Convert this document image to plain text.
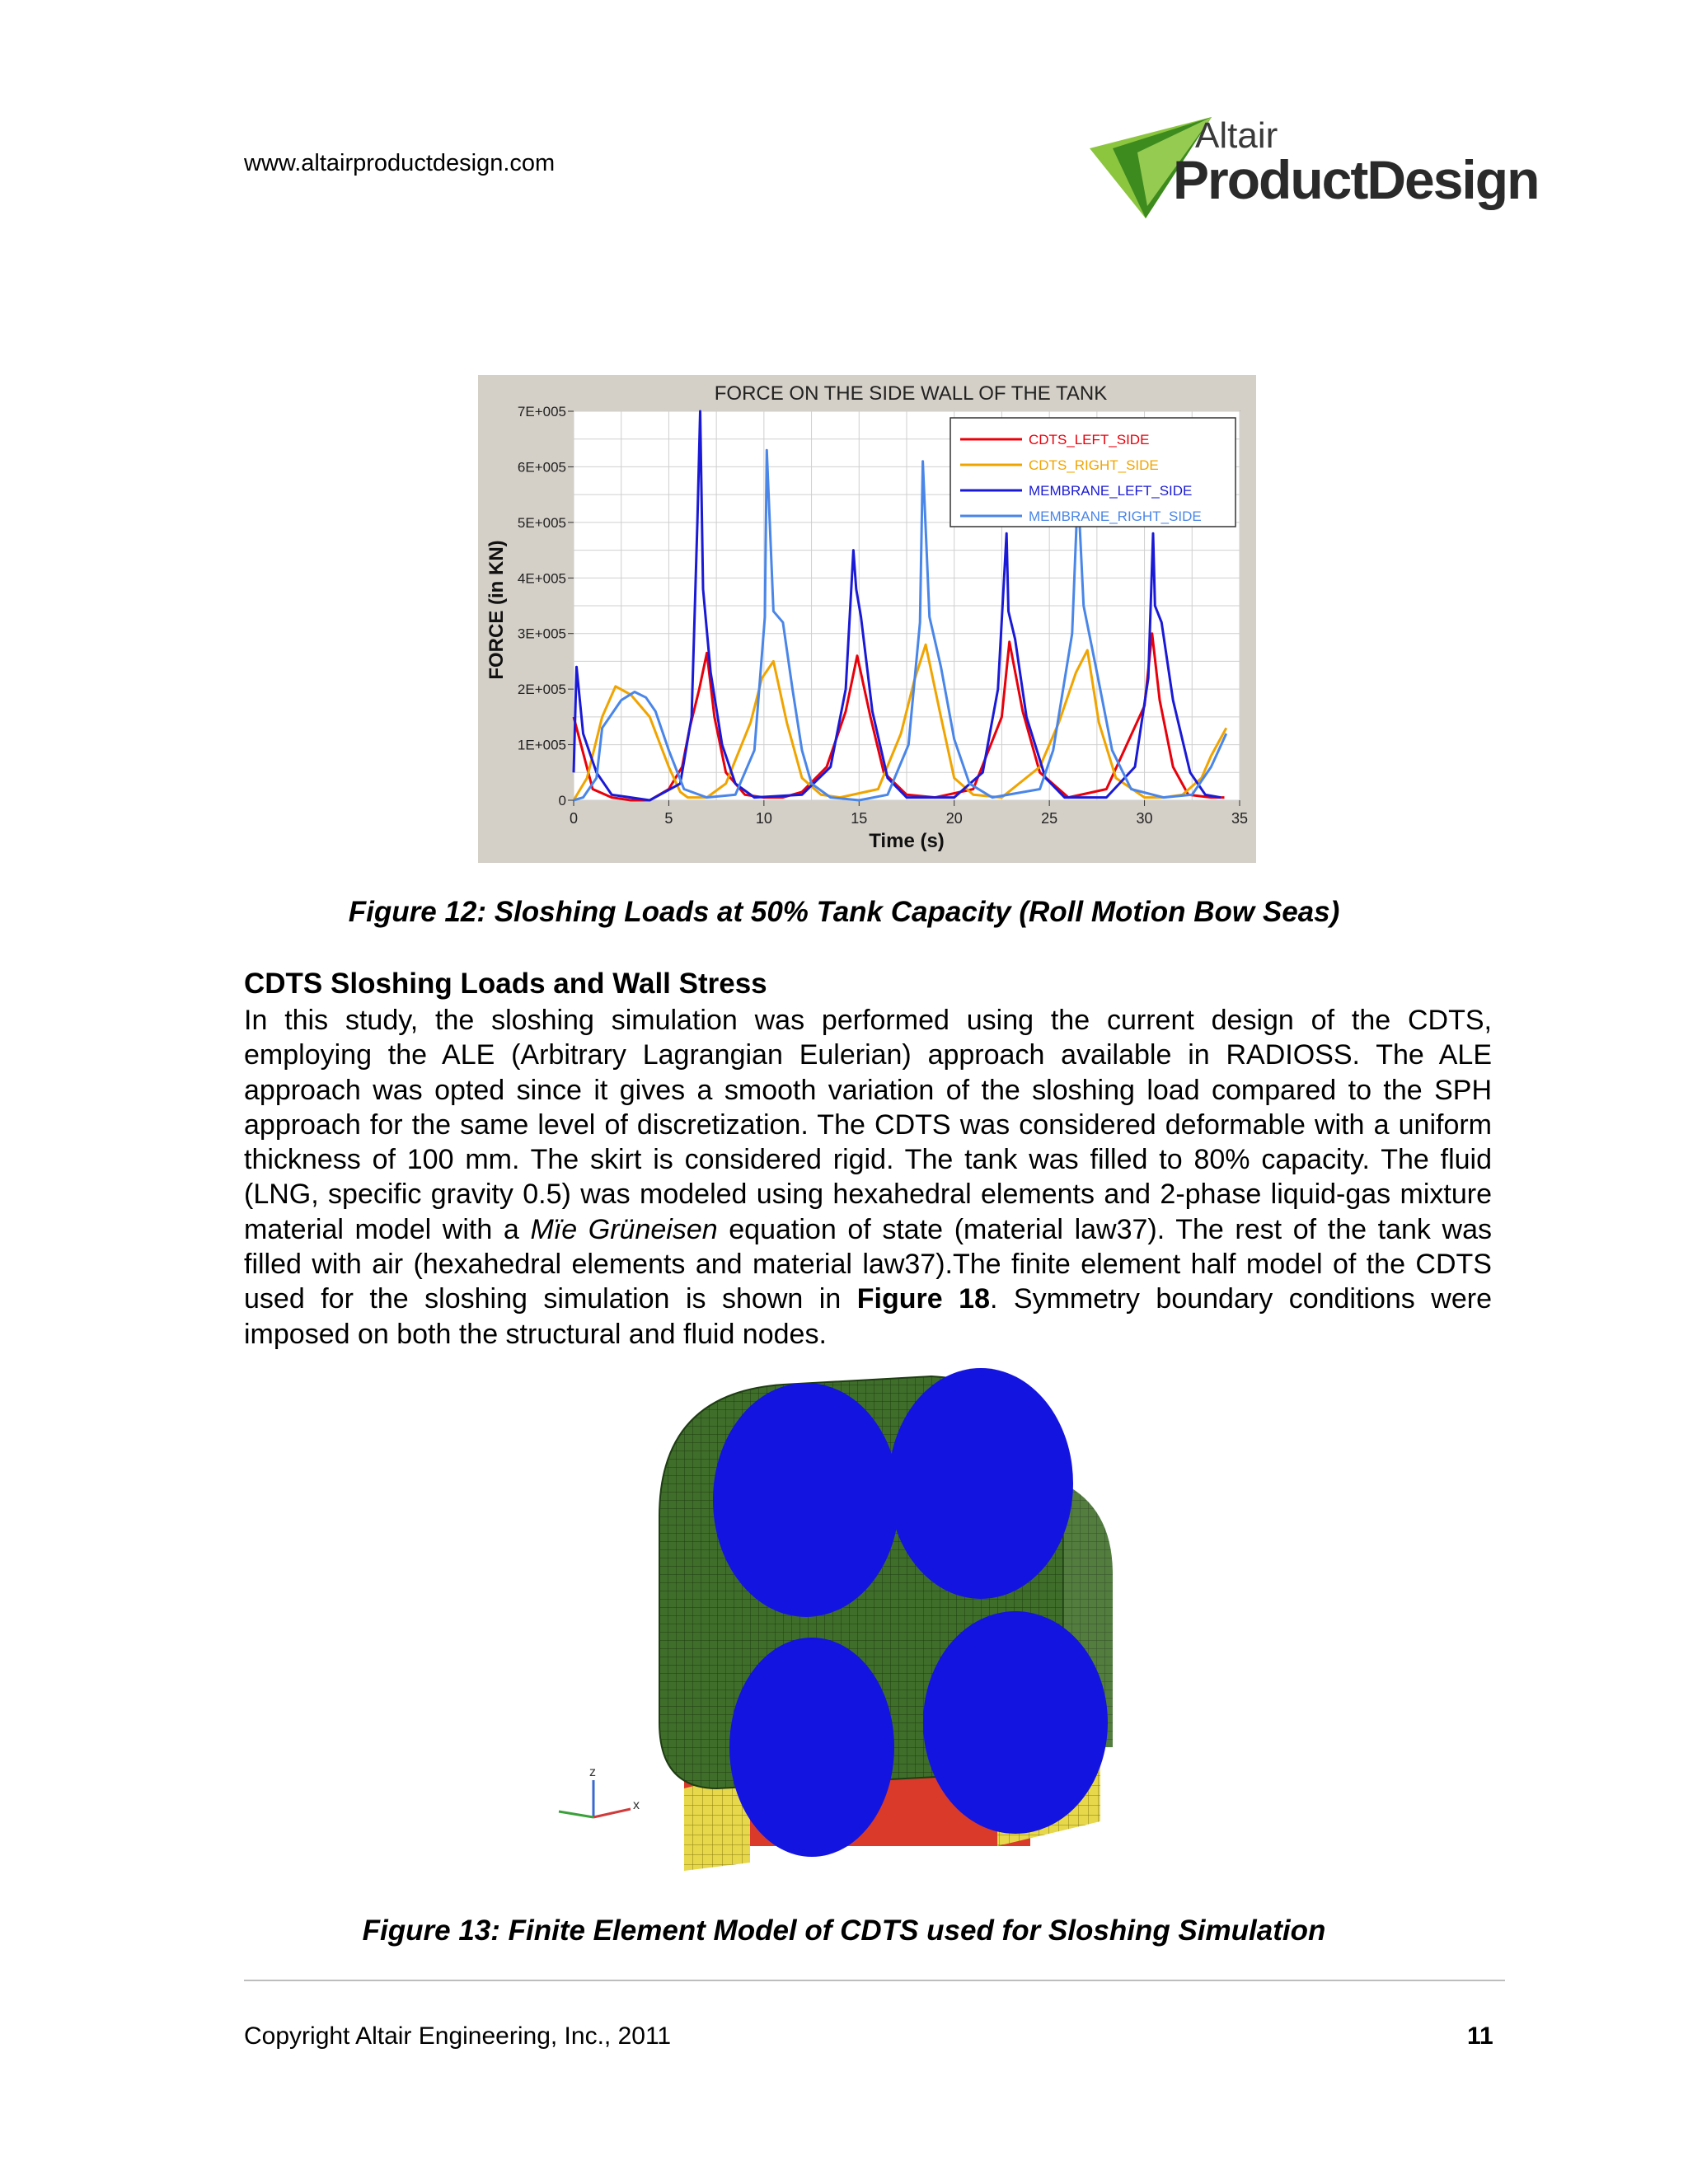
www.altairproductdesign.com
Altair
ProductDesign
FORCE ON THE SIDE WALL OF THE TANK
FORCE (in KN)
Time (s)
0	5	10	15	20	25	30	35
0
1E+005
2E+005
3E+005
4E+005
5E+005
6E+005
7E+005
CDTS_LEFT_SIDE
CDTS_RIGHT_SIDE
MEMBRANE_LEFT_SIDE
MEMBRANE_RIGHT_SIDE
Figure 12: Sloshing Loads at 50% Tank Capacity (Roll Motion Bow Seas)
CDTS Sloshing Loads and Wall Stress

In this study, the sloshing simulation was performed using the current design of the CDTS, employing the ALE (Arbitrary Lagrangian Eulerian) approach available in RADIOSS. The ALE approach was opted since it gives a smooth variation of the sloshing load compared to the SPH approach for the same level of discretization. The CDTS was considered deformable with a uniform thickness of 100 mm. The skirt is considered rigid. The tank was filled to 80% capacity. The fluid (LNG, specific gravity 0.5) was modeled using hexahedral elements and 2-phase liquid-gas mixture material model with a Mïe Grüneisen equation of state (material law37). The rest of the tank was filled with air (hexahedral elements and material law37).The finite element half model of the CDTS used for the sloshing simulation is shown in Figure 18. Symmetry boundary conditions were imposed on both the structural and fluid nodes.

z
x
Figure 13: Finite Element Model of CDTS used for Sloshing Simulation
Copyright Altair Engineering, Inc., 2011	11
